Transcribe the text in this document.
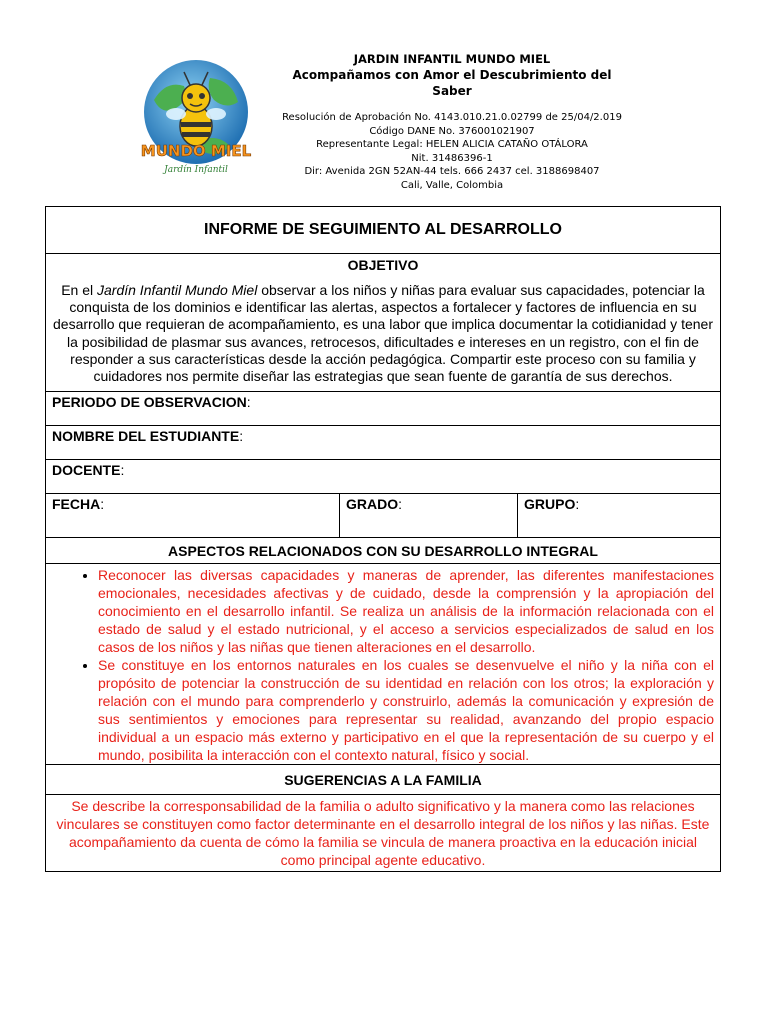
MUNDO MIEL
Jardín Infantil
JARDIN INFANTIL MUNDO MIEL
Acompañamos con Amor el Descubrimiento del Saber
Resolución de Aprobación No. 4143.010.21.0.02799 de 25/04/2.019
Código DANE No. 376001021907
Representante Legal: HELEN ALICIA CATAÑO OTÁLORA
Nit. 31486396-1
Dir: Avenida 2GN 52AN-44 tels. 666 2437 cel. 3188698407
Cali, Valle, Colombia
INFORME DE SEGUIMIENTO AL DESARROLLO
OBJETIVO
En el Jardín Infantil Mundo Miel observar a los niños y niñas para evaluar sus capacidades, potenciar la conquista de los dominios e identificar las alertas, aspectos a fortalecer y factores de influencia en su desarrollo que requieran de acompañamiento, es una labor que implica documentar la cotidianidad y tener la posibilidad de plasmar sus avances, retrocesos, dificultades e intereses en un registro, con el fin de responder a sus características desde la acción pedagógica. Compartir este proceso con su familia y cuidadores nos permite diseñar las estrategias que sean fuente de garantía de sus derechos.
PERIODO DE OBSERVACION:
NOMBRE DEL ESTUDIANTE:
DOCENTE:
FECHA:	GRADO:	GRUPO:
ASPECTOS RELACIONADOS CON SU DESARROLLO INTEGRAL
• Reconocer las diversas capacidades y maneras de aprender, las diferentes manifestaciones emocionales, necesidades afectivas y de cuidado, desde la comprensión y la apropiación del conocimiento en el desarrollo infantil. Se realiza un análisis de la información relacionada con el estado de salud y el estado nutricional, y el acceso a servicios especializados de salud en los casos de los niños y las niñas que tienen alteraciones en el desarrollo.
• Se constituye en los entornos naturales en los cuales se desenvuelve el niño y la niña con el propósito de potenciar la construcción de su identidad en relación con los otros; la exploración y relación con el mundo para comprenderlo y construirlo, además la comunicación y expresión de sus sentimientos y emociones para representar su realidad, avanzando del propio espacio individual a un espacio más externo y participativo en el que la representación de su cuerpo y el mundo, posibilita la interacción con el contexto natural, físico y social.
SUGERENCIAS A LA FAMILIA
Se describe la corresponsabilidad de la familia o adulto significativo y la manera como las relaciones vinculares se constituyen como factor determinante en el desarrollo integral de los niños y las niñas. Este acompañamiento da cuenta de cómo la familia se vincula de manera proactiva en la educación inicial como principal agente educativo.
